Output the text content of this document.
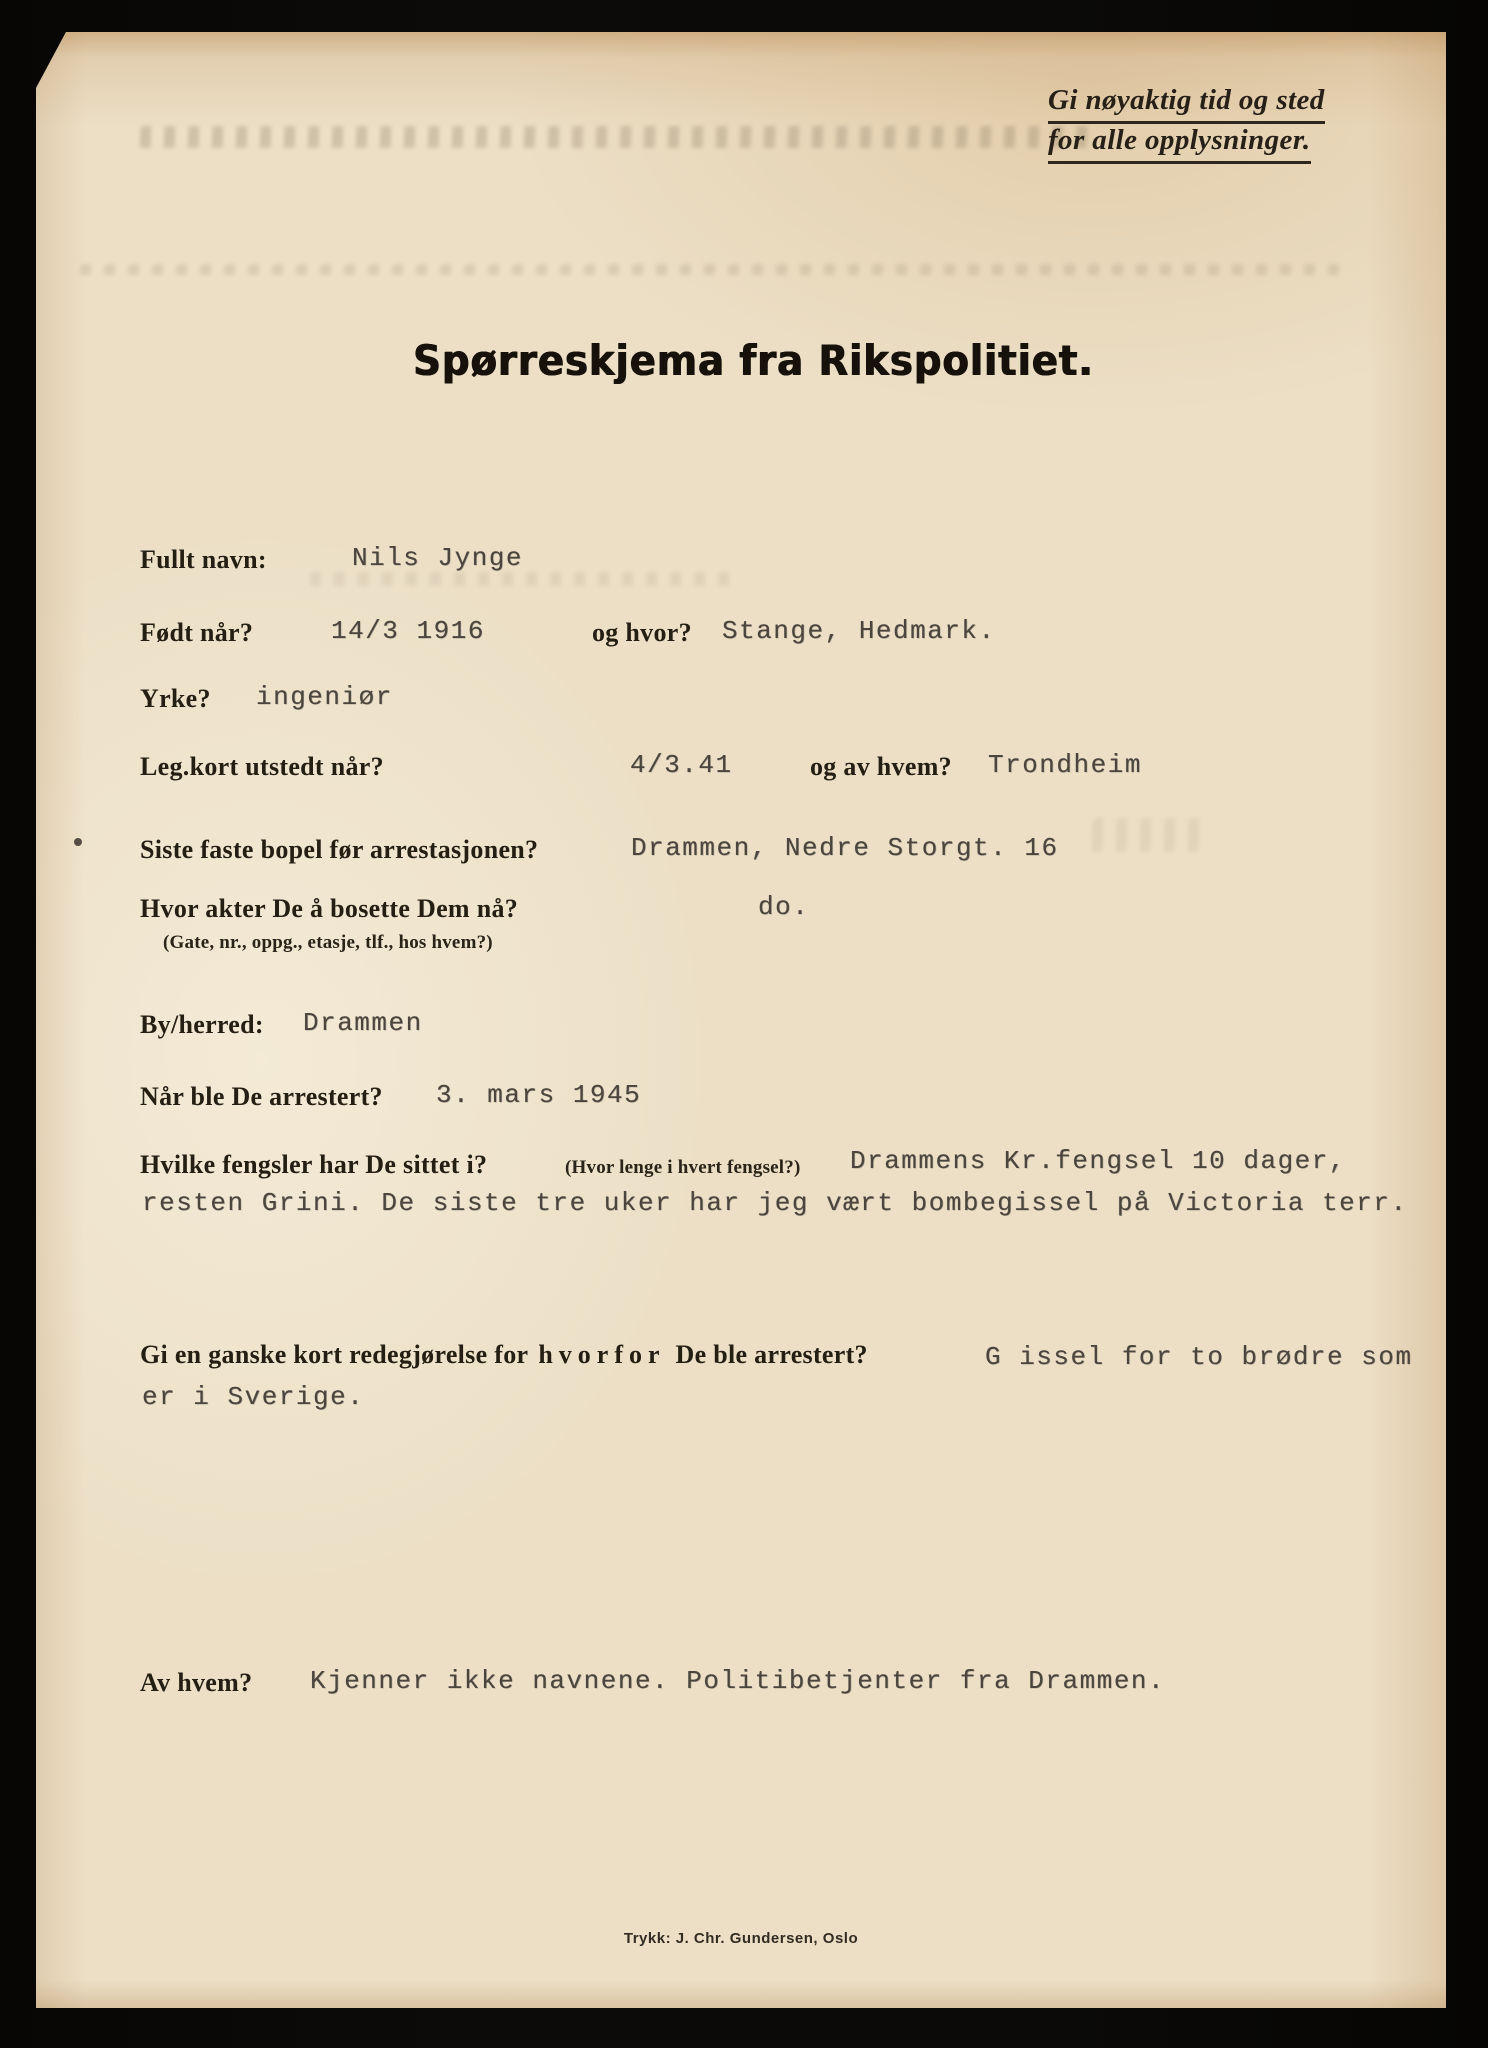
Gi nøyaktig tid og sted
for alle opplysninger.
Spørreskjema fra Rikspolitiet.
Fullt navn:	Nils Jynge
Født når?	14/3 1916	og hvor? Stange, Hedmark.
Yrke? ingeniør
Leg.kort utstedt når?	4/3.41	og av hvem? Trondheim
Siste faste bopel før arrestasjonen?	Drammen, Nedre Storgt. 16
Hvor akter De å bosette Dem nå?	do.
(Gate, nr., oppg., etasje, tlf., hos hvem?)
By/herred: Drammen
Når ble De arrestert? 3. mars 1945
Hvilke fengsler har De sittet i?	(Hvor lenge i hvert fengsel?) Drammens Kr.fengsel 10 dager,
resten Grini. De siste tre uker har jeg vært bombegissel på Victoria terr.
Gi en ganske kort redegjørelse for hvorfor De ble arrestert?	G issel for to brødre som
er i Sverige.
Av hvem? Kjenner ikke navnene. Politibetjenter fra Drammen.
Trykk: J. Chr. Gundersen, Oslo
